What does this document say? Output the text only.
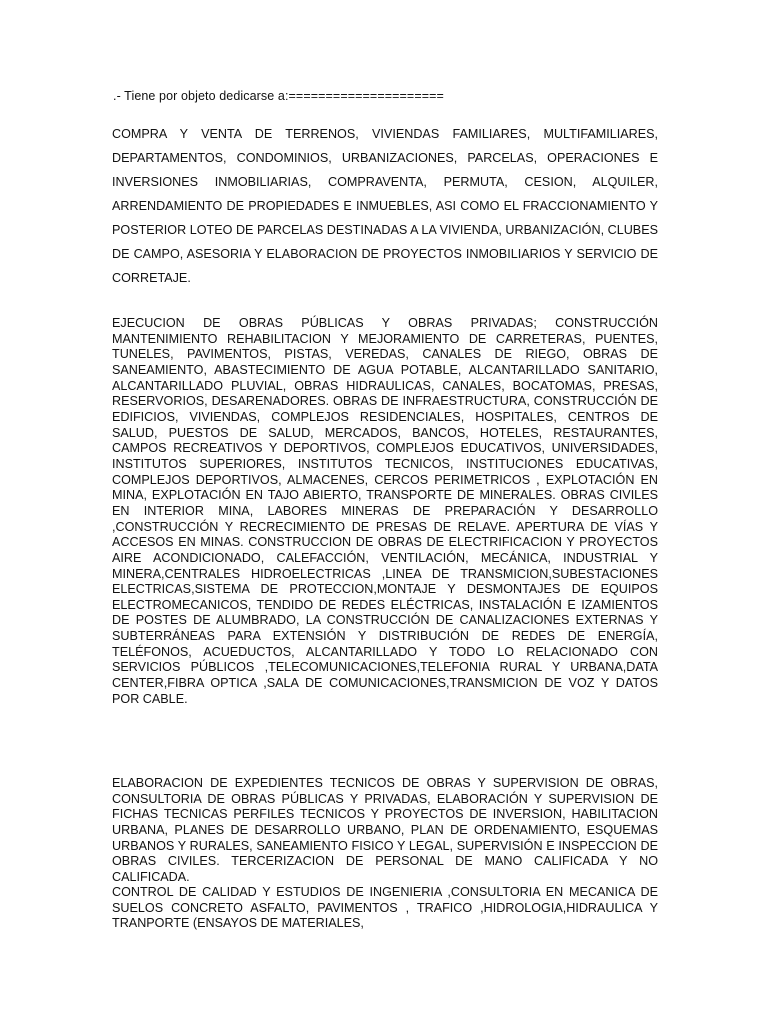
.- Tiene por objeto dedicarse a:=====================

COMPRA Y VENTA DE TERRENOS, VIVIENDAS FAMILIARES, MULTIFAMILIARES, DEPARTAMENTOS, CONDOMINIOS, URBANIZACIONES, PARCELAS, OPERACIONES E INVERSIONES INMOBILIARIAS, COMPRAVENTA, PERMUTA, CESION, ALQUILER, ARRENDAMIENTO DE PROPIEDADES E INMUEBLES, ASI COMO EL FRACCIONAMIENTO Y POSTERIOR LOTEO DE PARCELAS DESTINADAS A LA VIVIENDA, URBANIZACIÓN, CLUBES DE CAMPO, ASESORIA Y ELABORACION DE PROYECTOS INMOBILIARIOS Y SERVICIO DE CORRETAJE.

EJECUCION DE OBRAS PÚBLICAS Y OBRAS PRIVADAS; CONSTRUCCIÓN MANTENIMIENTO REHABILITACION Y MEJORAMIENTO DE CARRETERAS, PUENTES, TUNELES, PAVIMENTOS, PISTAS, VEREDAS, CANALES DE RIEGO, OBRAS DE SANEAMIENTO, ABASTECIMIENTO DE AGUA POTABLE, ALCANTARILLADO SANITARIO, ALCANTARILLADO PLUVIAL, OBRAS HIDRAULICAS, CANALES, BOCATOMAS, PRESAS, RESERVORIOS, DESARENADORES. OBRAS DE INFRAESTRUCTURA, CONSTRUCCIÓN DE EDIFICIOS, VIVIENDAS, COMPLEJOS RESIDENCIALES, HOSPITALES, CENTROS DE SALUD, PUESTOS DE SALUD, MERCADOS, BANCOS, HOTELES, RESTAURANTES, CAMPOS RECREATIVOS Y DEPORTIVOS, COMPLEJOS EDUCATIVOS, UNIVERSIDADES, INSTITUTOS SUPERIORES, INSTITUTOS TECNICOS, INSTITUCIONES EDUCATIVAS, COMPLEJOS DEPORTIVOS, ALMACENES, CERCOS PERIMETRICOS , EXPLOTACIÓN EN MINA, EXPLOTACIÓN EN TAJO ABIERTO, TRANSPORTE DE MINERALES. OBRAS CIVILES EN INTERIOR MINA, LABORES MINERAS DE PREPARACIÓN Y DESARROLLO ,CONSTRUCCIÓN Y RECRECIMIENTO DE PRESAS DE RELAVE. APERTURA DE VÍAS Y ACCESOS EN MINAS. CONSTRUCCION DE OBRAS DE ELECTRIFICACION Y PROYECTOS AIRE ACONDICIONADO, CALEFACCIÓN, VENTILACIÓN, MECÁNICA, INDUSTRIAL Y MINERA,CENTRALES HIDROELECTRICAS ,LINEA DE TRANSMICION,SUBESTACIONES ELECTRICAS,SISTEMA DE PROTECCION,MONTAJE Y DESMONTAJES DE EQUIPOS ELECTROMECANICOS, TENDIDO DE REDES ELÉCTRICAS, INSTALACIÓN E IZAMIENTOS DE POSTES DE ALUMBRADO, LA CONSTRUCCIÓN DE CANALIZACIONES EXTERNAS Y SUBTERRÁNEAS PARA EXTENSIÓN Y DISTRIBUCIÓN DE REDES DE ENERGÍA, TELÉFONOS, ACUEDUCTOS, ALCANTARILLADO Y TODO LO RELACIONADO CON SERVICIOS PÚBLICOS ,TELECOMUNICACIONES,TELEFONIA RURAL Y URBANA,DATA CENTER,FIBRA OPTICA ,SALA DE COMUNICACIONES,TRANSMICION DE VOZ Y DATOS POR CABLE.

ELABORACION DE EXPEDIENTES TECNICOS DE OBRAS Y SUPERVISION DE OBRAS, CONSULTORIA DE OBRAS PÚBLICAS Y PRIVADAS, ELABORACIÓN Y SUPERVISION DE FICHAS TECNICAS PERFILES TECNICOS Y PROYECTOS DE INVERSION, HABILITACION URBANA, PLANES DE DESARROLLO URBANO, PLAN DE ORDENAMIENTO, ESQUEMAS URBANOS Y RURALES, SANEAMIENTO FISICO Y LEGAL, SUPERVISIÓN E INSPECCION DE OBRAS CIVILES. TERCERIZACION DE PERSONAL DE MANO CALIFICADA Y NO CALIFICADA.

CONTROL DE CALIDAD Y ESTUDIOS DE INGENIERIA ,CONSULTORIA EN MECANICA DE SUELOS CONCRETO ASFALTO, PAVIMENTOS , TRAFICO ,HIDROLOGIA,HIDRAULICA Y TRANPORTE (ENSAYOS DE MATERIALES,
